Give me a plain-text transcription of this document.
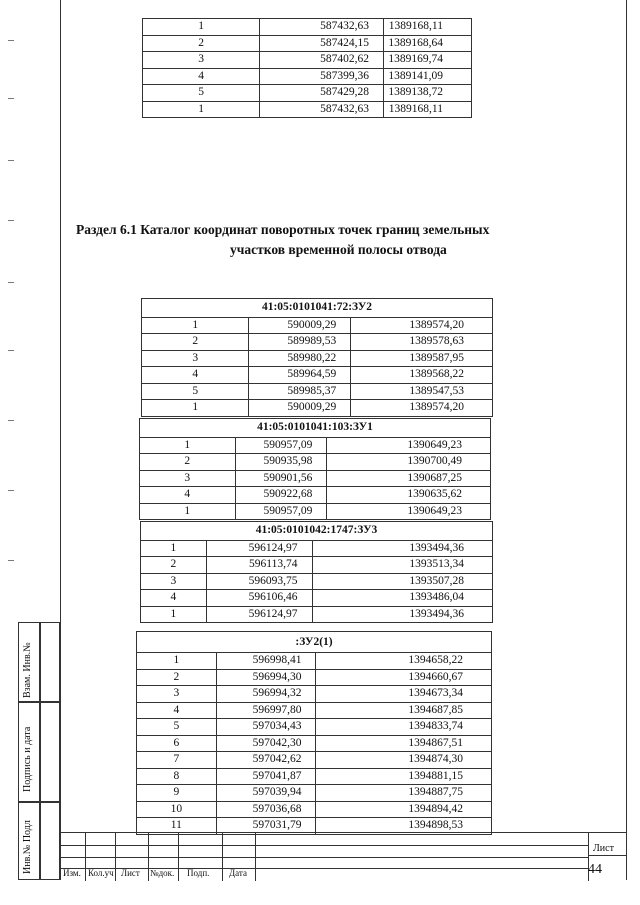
1	587432,63	1389168,11
2	587424,15	1389168,64
3	587402,62	1389169,74
4	587399,36	1389141,09
5	587429,28	1389138,72
1	587432,63	1389168,11
Раздел 6.1 Каталог координат поворотных точек границ земельных
участков временной полосы отвода
41:05:0101041:72:ЗУ2		
1	590009,29	1389574,20
2	589989,53	1389578,63
3	589980,22	1389587,95
4	589964,59	1389568,22
5	589985,37	1389547,53
1	590009,29	1389574,20
41:05:0101041:103:ЗУ1		
1	590957,09	1390649,23
2	590935,98	1390700,49
3	590901,56	1390687,25
4	590922,68	1390635,62
1	590957,09	1390649,23
41:05:0101042:1747:ЗУ3		
1	596124,97	1393494,36
2	596113,74	1393513,34
3	596093,75	1393507,28
4	596106,46	1393486,04
1	596124,97	1393494,36
:ЗУ2(1)		
1	596998,41	1394658,22
2	596994,30	1394660,67
3	596994,32	1394673,34
4	596997,80	1394687,85
5	597034,43	1394833,74
6	597042,30	1394867,51
7	597042,62	1394874,30
8	597041,87	1394881,15
9	597039,94	1394887,75
10	597036,68	1394894,42
11	597031,79	1394898,53
Взам. Инв.№
Подпись и дата
Инв.№ Подл	Изм. Кол.уч Лист №док. Подп. Дата
Лист
44
